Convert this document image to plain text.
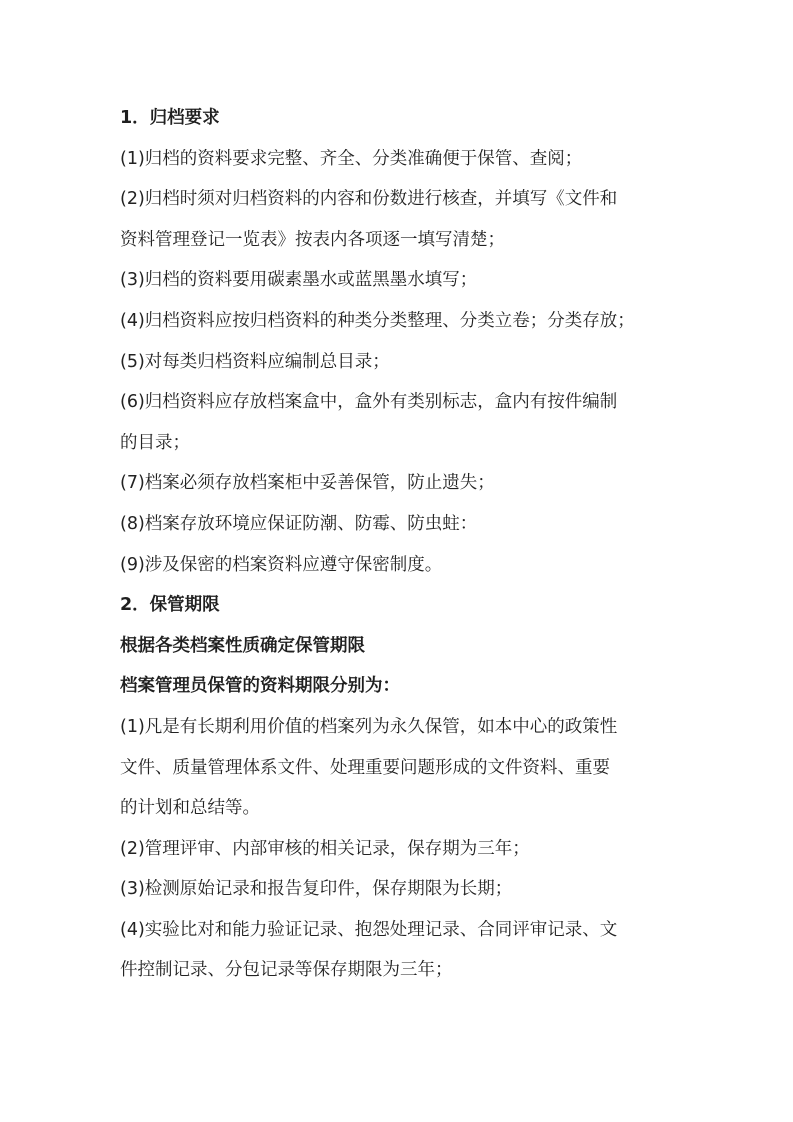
1．归档要求
(1)归档的资料要求完整、齐全、分类准确便于保管、查阅；
(2)归档时须对归档资料的内容和份数进行核查，并填写《文件和
资料管理登记一览表》按表内各项逐一填写清楚；
(3)归档的资料要用碳素墨水或蓝黑墨水填写；
(4)归档资料应按归档资料的种类分类整理、分类立卷；分类存放；
(5)对每类归档资料应编制总目录；
(6)归档资料应存放档案盒中，盒外有类别标志，盒内有按件编制
的目录；
(7)档案必须存放档案柜中妥善保管，防止遗失；
(8)档案存放环境应保证防潮、防霉、防虫蛀：
(9)涉及保密的档案资料应遵守保密制度。
2．保管期限
根据各类档案性质确定保管期限
档案管理员保管的资料期限分别为：
(1)凡是有长期利用价值的档案列为永久保管，如本中心的政策性
文件、质量管理体系文件、处理重要问题形成的文件资料、重要
的计划和总结等。
(2)管理评审、内部审核的相关记录，保存期为三年；
(3)检测原始记录和报告复印件，保存期限为长期；
(4)实验比对和能力验证记录、抱怨处理记录、合同评审记录、文
件控制记录、分包记录等保存期限为三年；
